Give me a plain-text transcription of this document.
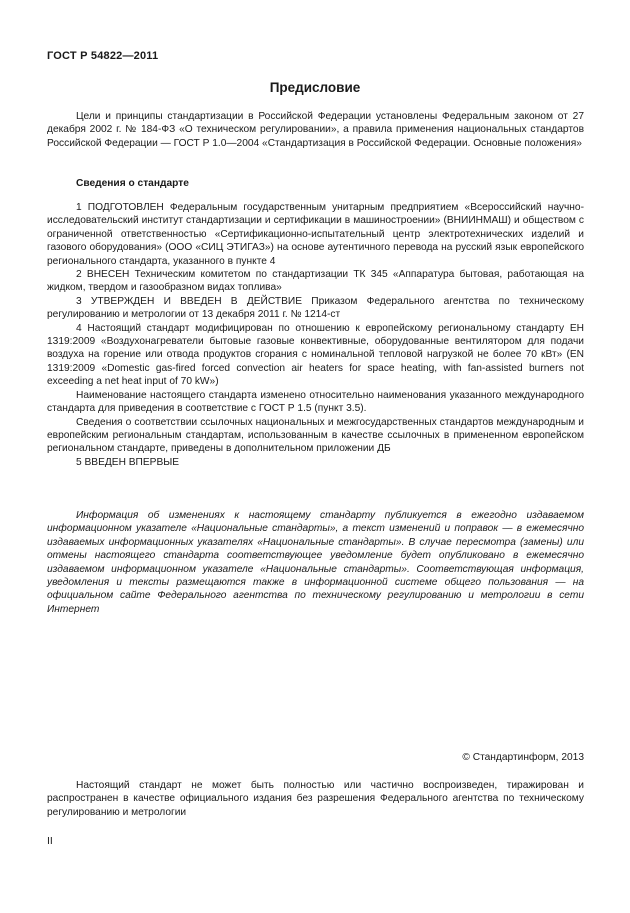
ГОСТ Р 54822—2011
Предисловие

Цели и принципы стандартизации в Российской Федерации установлены Федеральным законом от 27 декабря 2002 г. № 184-ФЗ «О техническом регулировании», а правила применения национальных стандартов Российской Федерации — ГОСТ Р 1.0—2004 «Стандартизация в Российской Федерации. Основные положения»

Сведения о стандарте

1 ПОДГОТОВЛЕН Федеральным государственным унитарным предприятием «Всероссийский научно-исследовательский институт стандартизации и сертификации в машиностроении» (ВНИИНМАШ) и обществом с ограниченной ответственностью «Сертификационно-испытательный центр электротехнических изделий и газового оборудования» (ООО «СИЦ ЭТИГАЗ») на основе аутентичного перевода на русский язык европейского регионального стандарта, указанного в пункте 4

2 ВНЕСЕН Техническим комитетом по стандартизации ТК 345 «Аппаратура бытовая, работающая на жидком, твердом и газообразном видах топлива»

3 УТВЕРЖДЕН И ВВЕДЕН В ДЕЙСТВИЕ Приказом Федерального агентства по техническому регулированию и метрологии от 13 декабря 2011 г. № 1214-ст

4 Настоящий стандарт модифицирован по отношению к европейскому региональному стандарту ЕН 1319:2009 «Воздухонагреватели бытовые газовые конвективные, оборудованные вентилятором для подачи воздуха на горение или отвода продуктов сгорания с номинальной тепловой нагрузкой не более 70 кВт» (EN 1319:2009 «Domestic gas-fired forced convection air heaters for space heating, with fan-assisted burners not exceeding a net heat input of 70 kW»)

Наименование настоящего стандарта изменено относительно наименования указанного международного стандарта для приведения в соответствие с ГОСТ Р 1.5 (пункт 3.5).

Сведения о соответствии ссылочных национальных и межгосударственных стандартов международным и европейским региональным стандартам, использованным в качестве ссылочных в примененном европейском региональном стандарте, приведены в дополнительном приложении ДБ

5 ВВЕДЕН ВПЕРВЫЕ

Информация об изменениях к настоящему стандарту публикуется в ежегодно издаваемом информационном указателе «Национальные стандарты», а текст изменений и поправок — в ежемесячно издаваемых информационных указателях «Национальные стандарты». В случае пересмотра (замены) или отмены настоящего стандарта соответствующее уведомление будет опубликовано в ежемесячно издаваемом информационном указателе «Национальные стандарты». Соответствующая информация, уведомления и тексты размещаются также в информационной системе общего пользования — на официальном сайте Федерального агентства по техническому регулированию и метрологии в сети Интернет

© Стандартинформ, 2013

Настоящий стандарт не может быть полностью или частично воспроизведен, тиражирован и распространен в качестве официального издания без разрешения Федерального агентства по техническому регулированию и метрологии

II
